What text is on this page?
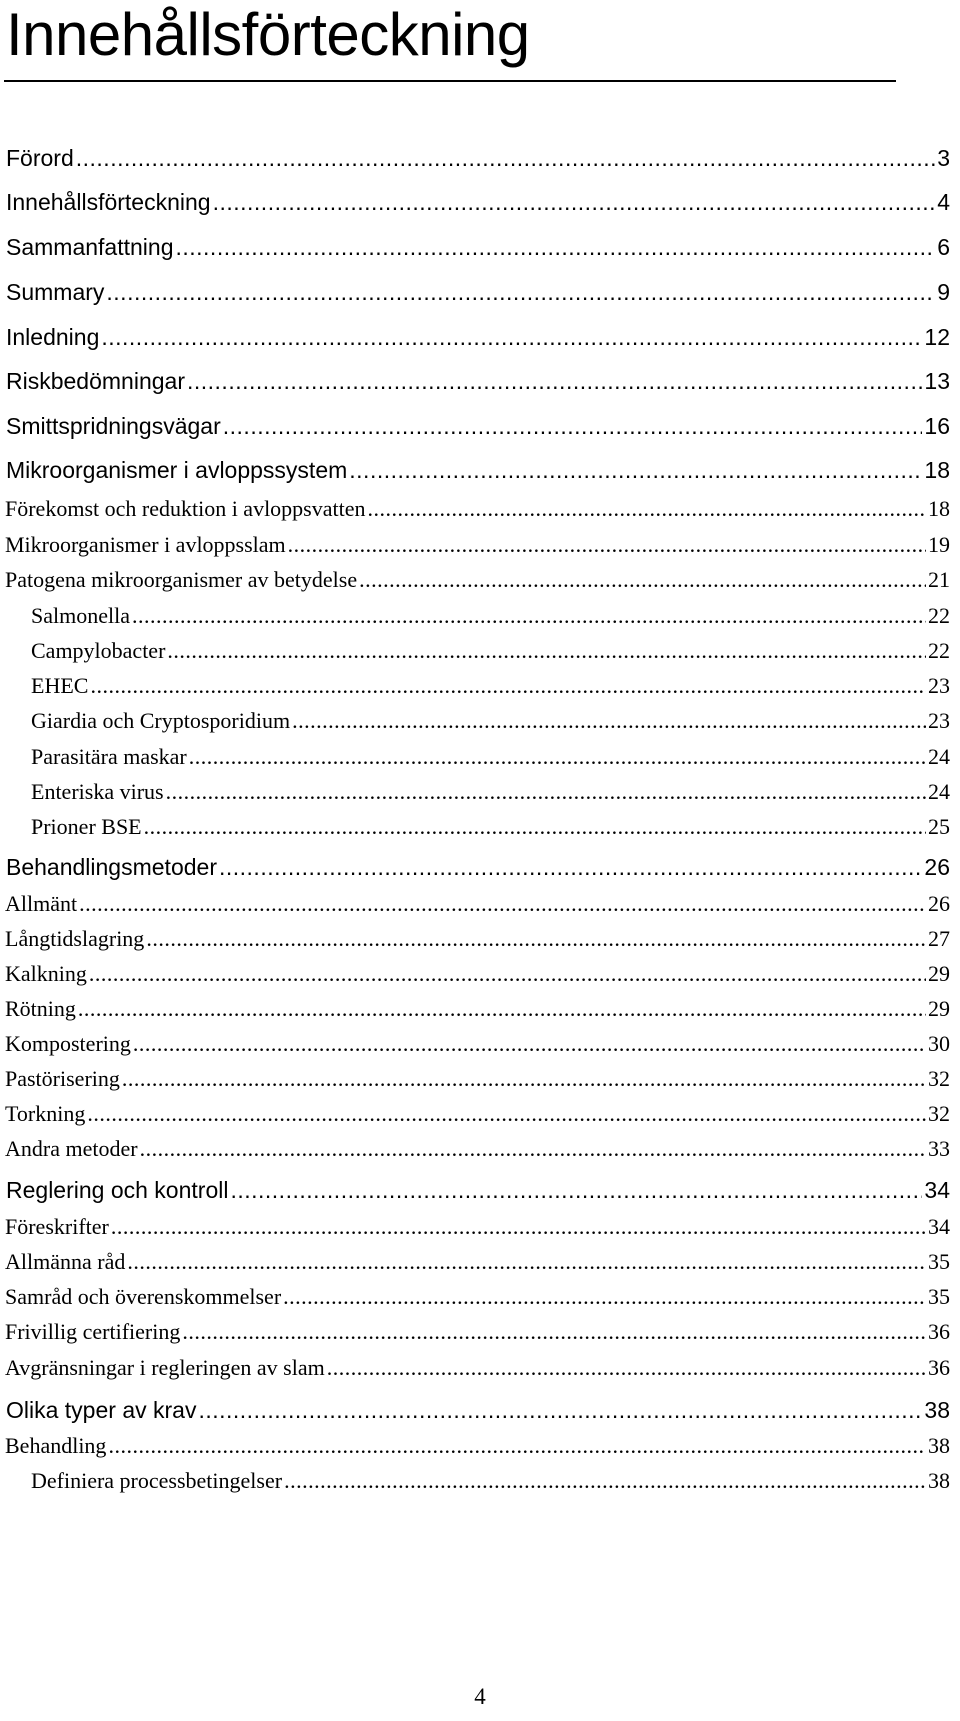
Innehållsförteckning
Förord .....	3
Innehållsförteckning .....	4
Sammanfattning .....	6
Summary .....	9
Inledning .....	12
Riskbedömningar .....	13
Smittspridningsvägar .....	16
Mikroorganismer i avloppssystem .....	18
Förekomst och reduktion i avloppsvatten .....	18
Mikroorganismer i avloppsslam .....	19
Patogena mikroorganismer av betydelse .....	21
Salmonella .....	22
Campylobacter .....	22
EHEC .....	23
Giardia och Cryptosporidium .....	23
Parasitära maskar .....	24
Enteriska virus .....	24
Prioner BSE .....	25
Behandlingsmetoder .....	26
Allmänt .....	26
Långtidslagring .....	27
Kalkning .....	29
Rötning .....	29
Kompostering .....	30
Pastörisering .....	32
Torkning .....	32
Andra metoder .....	33
Reglering och kontroll .....	34
Föreskrifter .....	34
Allmänna råd .....	35
Samråd och överenskommelser .....	35
Frivillig certifiering .....	36
Avgränsningar i regleringen av slam .....	36
Olika typer av krav .....	38
Behandling .....	38
Definiera processbetingelser .....	38
4
